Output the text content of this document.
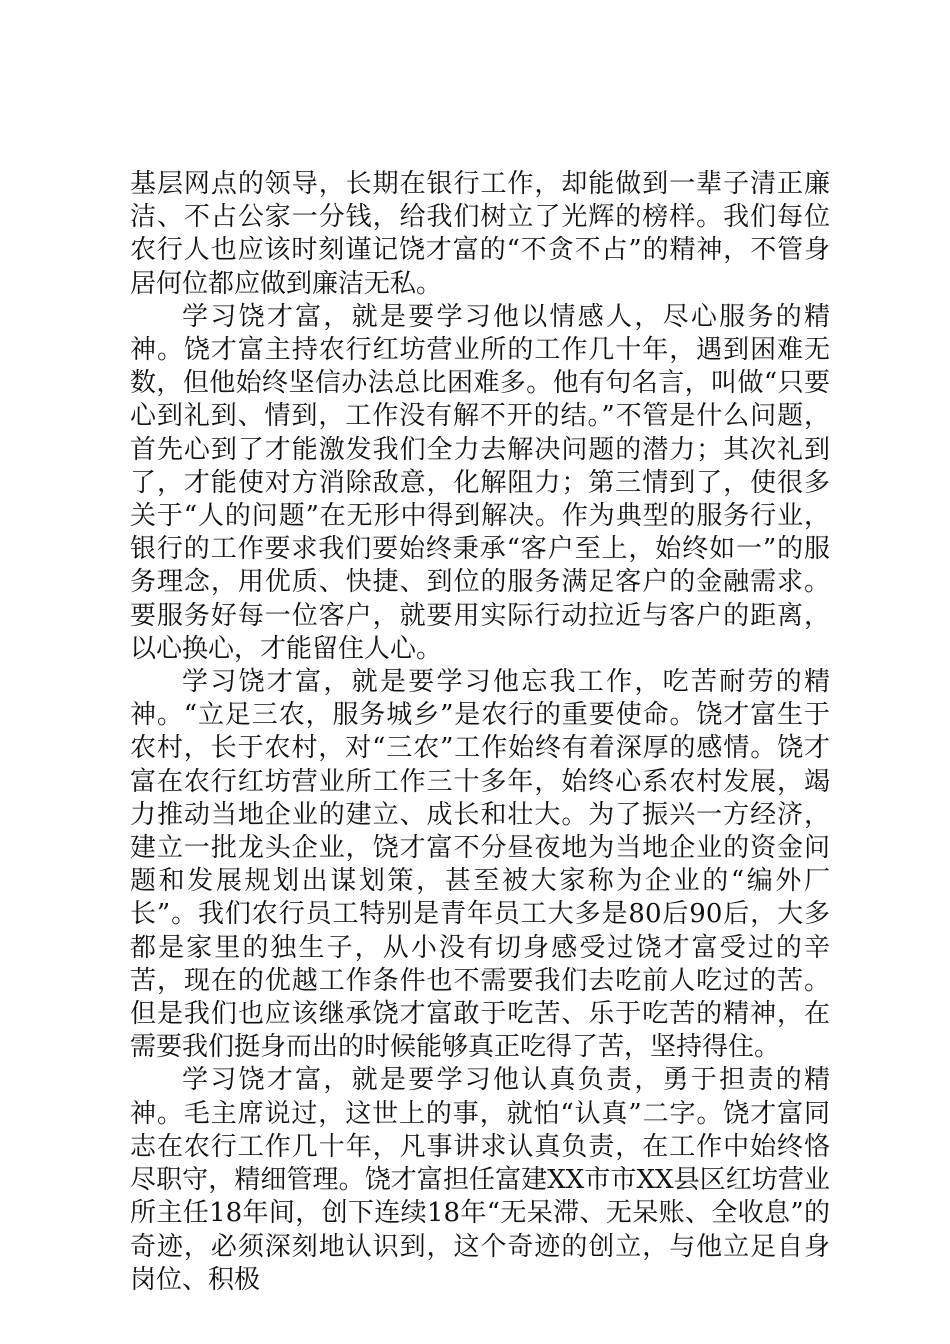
基层网点的领导，长期在银行工作，却能做到一辈子清正廉洁、不占公家一分钱，给我们树立了光辉的榜样。我们每位农行人也应该时刻谨记饶才富的“不贪不占”的精神，不管身居何位都应做到廉洁无私。

学习饶才富，就是要学习他以情感人，尽心服务的精神。饶才富主持农行红坊营业所的工作几十年，遇到困难无数，但他始终坚信办法总比困难多。他有句名言，叫做“只要心到礼到、情到，工作没有解不开的结。”不管是什么问题，首先心到了才能激发我们全力去解决问题的潜力；其次礼到了，才能使对方消除敌意，化解阻力；第三情到了，使很多关于“人的问题”在无形中得到解决。作为典型的服务行业，银行的工作要求我们要始终秉承“客户至上，始终如一”的服务理念，用优质、快捷、到位的服务满足客户的金融需求。要服务好每一位客户，就要用实际行动拉近与客户的距离，以心换心，才能留住人心。

学习饶才富，就是要学习他忘我工作，吃苦耐劳的精神。“立足三农，服务城乡”是农行的重要使命。饶才富生于农村，长于农村，对“三农”工作始终有着深厚的感情。饶才富在农行红坊营业所工作三十多年，始终心系农村发展，竭力推动当地企业的建立、成长和壮大。为了振兴一方经济，建立一批龙头企业，饶才富不分昼夜地为当地企业的资金问题和发展规划出谋划策，甚至被大家称为企业的“编外厂长”。我们农行员工特别是青年员工大多是80后90后，大多都是家里的独生子，从小没有切身感受过饶才富受过的辛苦，现在的优越工作条件也不需要我们去吃前人吃过的苦。但是我们也应该继承饶才富敢于吃苦、乐于吃苦的精神，在需要我们挺身而出的时候能够真正吃得了苦，坚持得住。

学习饶才富，就是要学习他认真负责，勇于担责的精神。毛主席说过，这世上的事，就怕“认真”二字。饶才富同志在农行工作几十年，凡事讲求认真负责，在工作中始终恪尽职守，精细管理。饶才富担任富建XX市市XX县区红坊营业所主任18年间，创下连续18年“无呆滞、无呆账、全收息”的奇迹，必须深刻地认识到，这个奇迹的创立，与他立足自身岗位、积极
